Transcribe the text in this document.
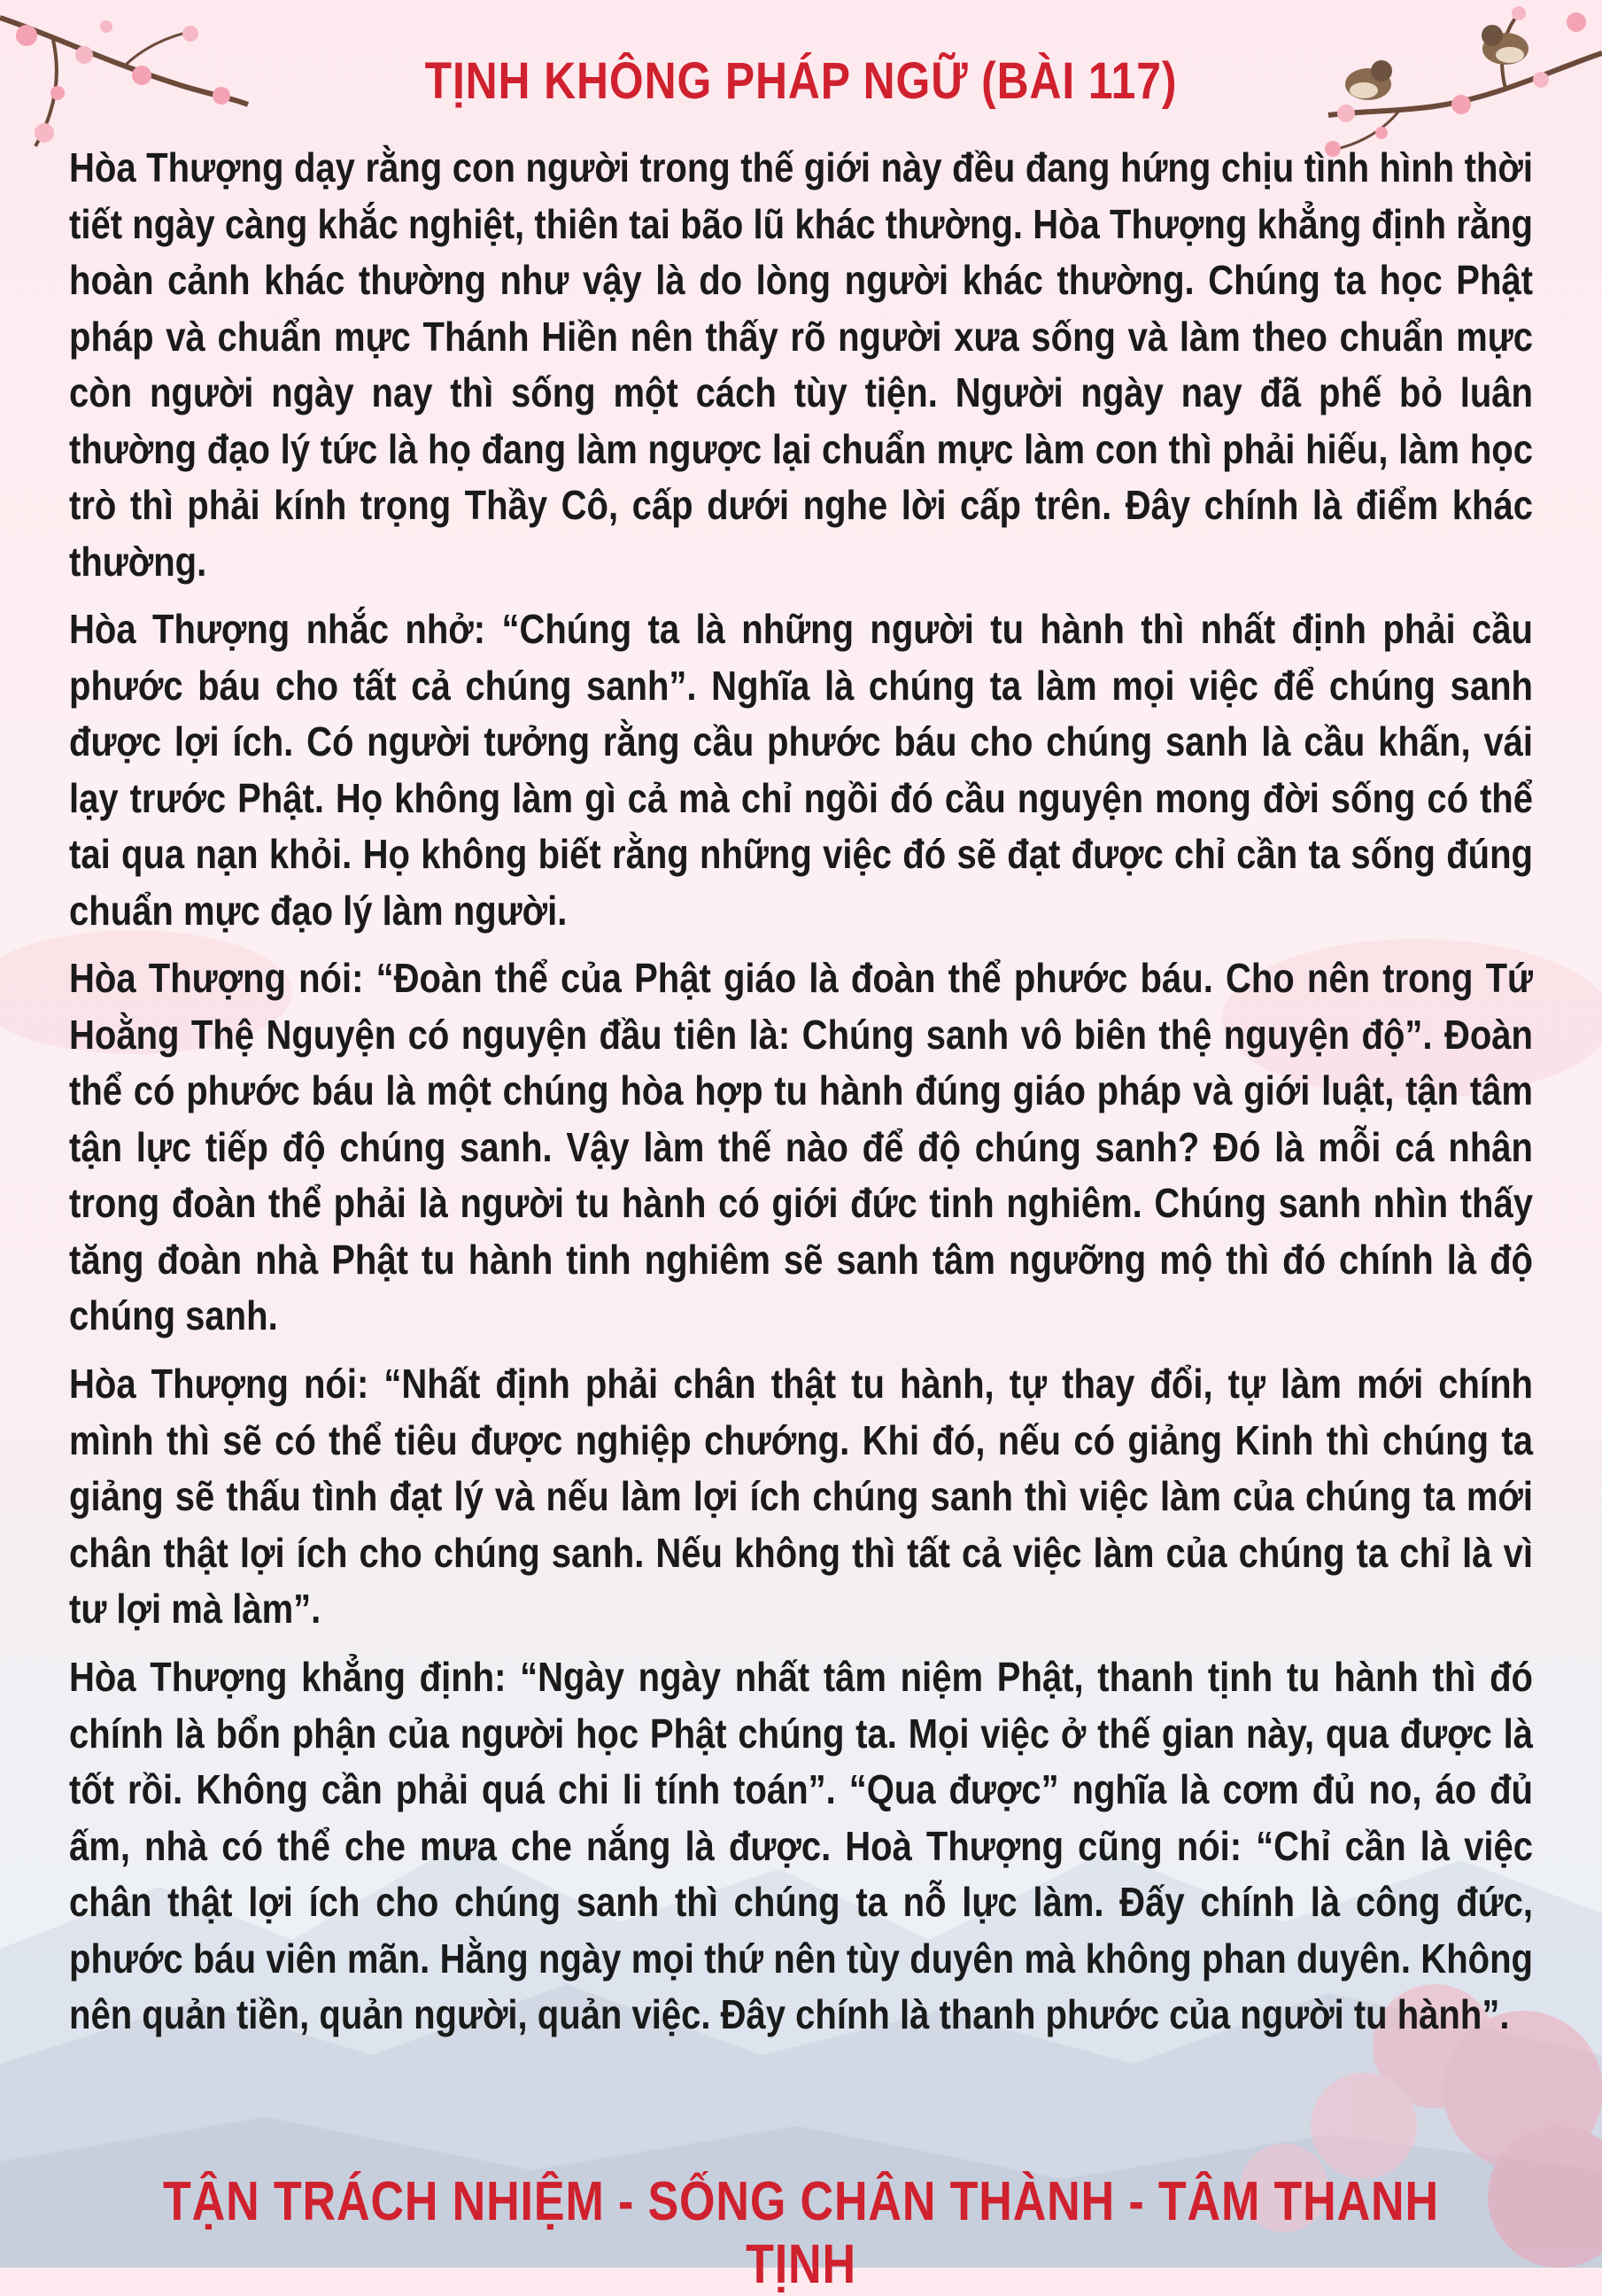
TỊNH KHÔNG PHÁP NGỮ (BÀI 117)
Hòa Thượng dạy rằng con người trong thế giới này đều đang hứng chịu tình hình thời tiết ngày càng khắc nghiệt, thiên tai bão lũ khác thường. Hòa Thượng khẳng định rằng hoàn cảnh khác thường như vậy là do lòng người khác thường. Chúng ta học Phật pháp và chuẩn mực Thánh Hiền nên thấy rõ người xưa sống và làm theo chuẩn mực còn người ngày nay thì sống một cách tùy tiện. Người ngày nay đã phế bỏ luân thường đạo lý tức là họ đang làm ngược lại chuẩn mực làm con thì phải hiếu, làm học trò thì phải kính trọng Thầy Cô, cấp dưới nghe lời cấp trên. Đây chính là điểm khác thường.
Hòa Thượng nhắc nhở: “Chúng ta là những người tu hành thì nhất định phải cầu phước báu cho tất cả chúng sanh”. Nghĩa là chúng ta làm mọi việc để chúng sanh được lợi ích. Có người tưởng rằng cầu phước báu cho chúng sanh là cầu khấn, vái lạy trước Phật. Họ không làm gì cả mà chỉ ngồi đó cầu nguyện mong đời sống có thể tai qua nạn khỏi. Họ không biết rằng những việc đó sẽ đạt được chỉ cần ta sống đúng chuẩn mực đạo lý làm người.
Hòa Thượng nói: “Đoàn thể của Phật giáo là đoàn thể phước báu. Cho nên trong Tứ Hoằng Thệ Nguyện có nguyện đầu tiên là: Chúng sanh vô biên thệ nguyện độ”. Đoàn thể có phước báu là một chúng hòa hợp tu hành đúng giáo pháp và giới luật, tận tâm tận lực tiếp độ chúng sanh. Vậy làm thế nào để độ chúng sanh? Đó là mỗi cá nhân trong đoàn thể phải là người tu hành có giới đức tinh nghiêm. Chúng sanh nhìn thấy tăng đoàn nhà Phật tu hành tinh nghiêm sẽ sanh tâm ngưỡng mộ thì đó chính là độ chúng sanh.
Hòa Thượng nói: “Nhất định phải chân thật tu hành, tự thay đổi, tự làm mới chính mình thì sẽ có thể tiêu được nghiệp chướng. Khi đó, nếu có giảng Kinh thì chúng ta giảng sẽ thấu tình đạt lý và nếu làm lợi ích chúng sanh thì việc làm của chúng ta mới chân thật lợi ích cho chúng sanh. Nếu không thì tất cả việc làm của chúng ta chỉ là vì tư lợi mà làm”.
Hòa Thượng khẳng định: “Ngày ngày nhất tâm niệm Phật, thanh tịnh tu hành thì đó chính là bổn phận của người học Phật chúng ta. Mọi việc ở thế gian này, qua được là tốt rồi. Không cần phải quá chi li tính toán”. “Qua được” nghĩa là cơm đủ no, áo đủ ấm, nhà có thể che mưa che nắng là được. Hoà Thượng cũng nói: “Chỉ cần là việc chân thật lợi ích cho chúng sanh thì chúng ta nỗ lực làm. Đấy chính là công đức, phước báu viên mãn. Hằng ngày mọi thứ nên tùy duyên mà không phan duyên. Không nên quản tiền, quản người, quản việc. Đây chính là thanh phước của người tu hành”.
TẬN TRÁCH NHIỆM - SỐNG CHÂN THÀNH - TÂM THANH TỊNH
